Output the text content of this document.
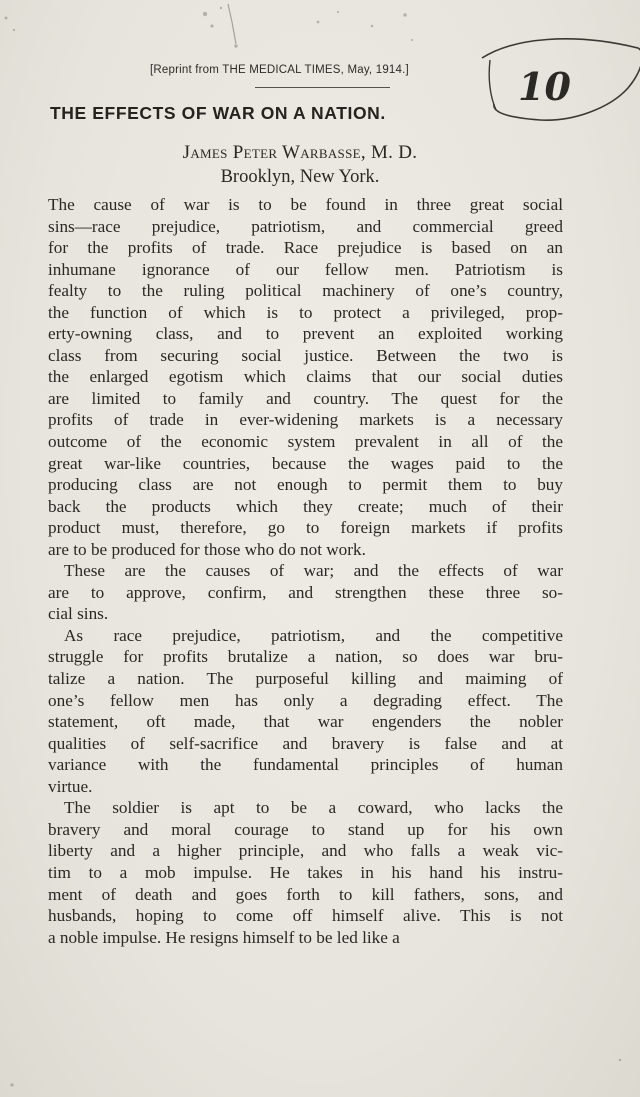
[Reprint from THE MEDICAL TIMES, May, 1914.]	10
THE EFFECTS OF WAR ON A NATION.
James Peter Warbasse, M. D.
Brooklyn, New York.
The cause of war is to be found in three great social
sins—race prejudice, patriotism, and commercial greed
for the profits of trade. Race prejudice is based on an
inhumane ignorance of our fellow men. Patriotism is
fealty to the ruling political machinery of one’s country,
the function of which is to protect a privileged, prop-
erty-owning class, and to prevent an exploited working
class from securing social justice. Between the two is
the enlarged egotism which claims that our social duties
are limited to family and country. The quest for the
profits of trade in ever-widening markets is a necessary
outcome of the economic system prevalent in all of the
great war-like countries, because the wages paid to the
producing class are not enough to permit them to buy
back the products which they create; much of their
product must, therefore, go to foreign markets if profits
are to be produced for those who do not work.
These are the causes of war; and the effects of war
are to approve, confirm, and strengthen these three so-
cial sins.
As race prejudice, patriotism, and the competitive
struggle for profits brutalize a nation, so does war bru-
talize a nation. The purposeful killing and maiming of
one’s fellow men has only a degrading effect. The
statement, oft made, that war engenders the nobler
qualities of self-sacrifice and bravery is false and at
variance with the fundamental principles of human
virtue.
The soldier is apt to be a coward, who lacks the
bravery and moral courage to stand up for his own
liberty and a higher principle, and who falls a weak vic-
tim to a mob impulse. He takes in his hand his instru-
ment of death and goes forth to kill fathers, sons, and
husbands, hoping to come off himself alive. This is not
a noble impulse. He resigns himself to be led like a
